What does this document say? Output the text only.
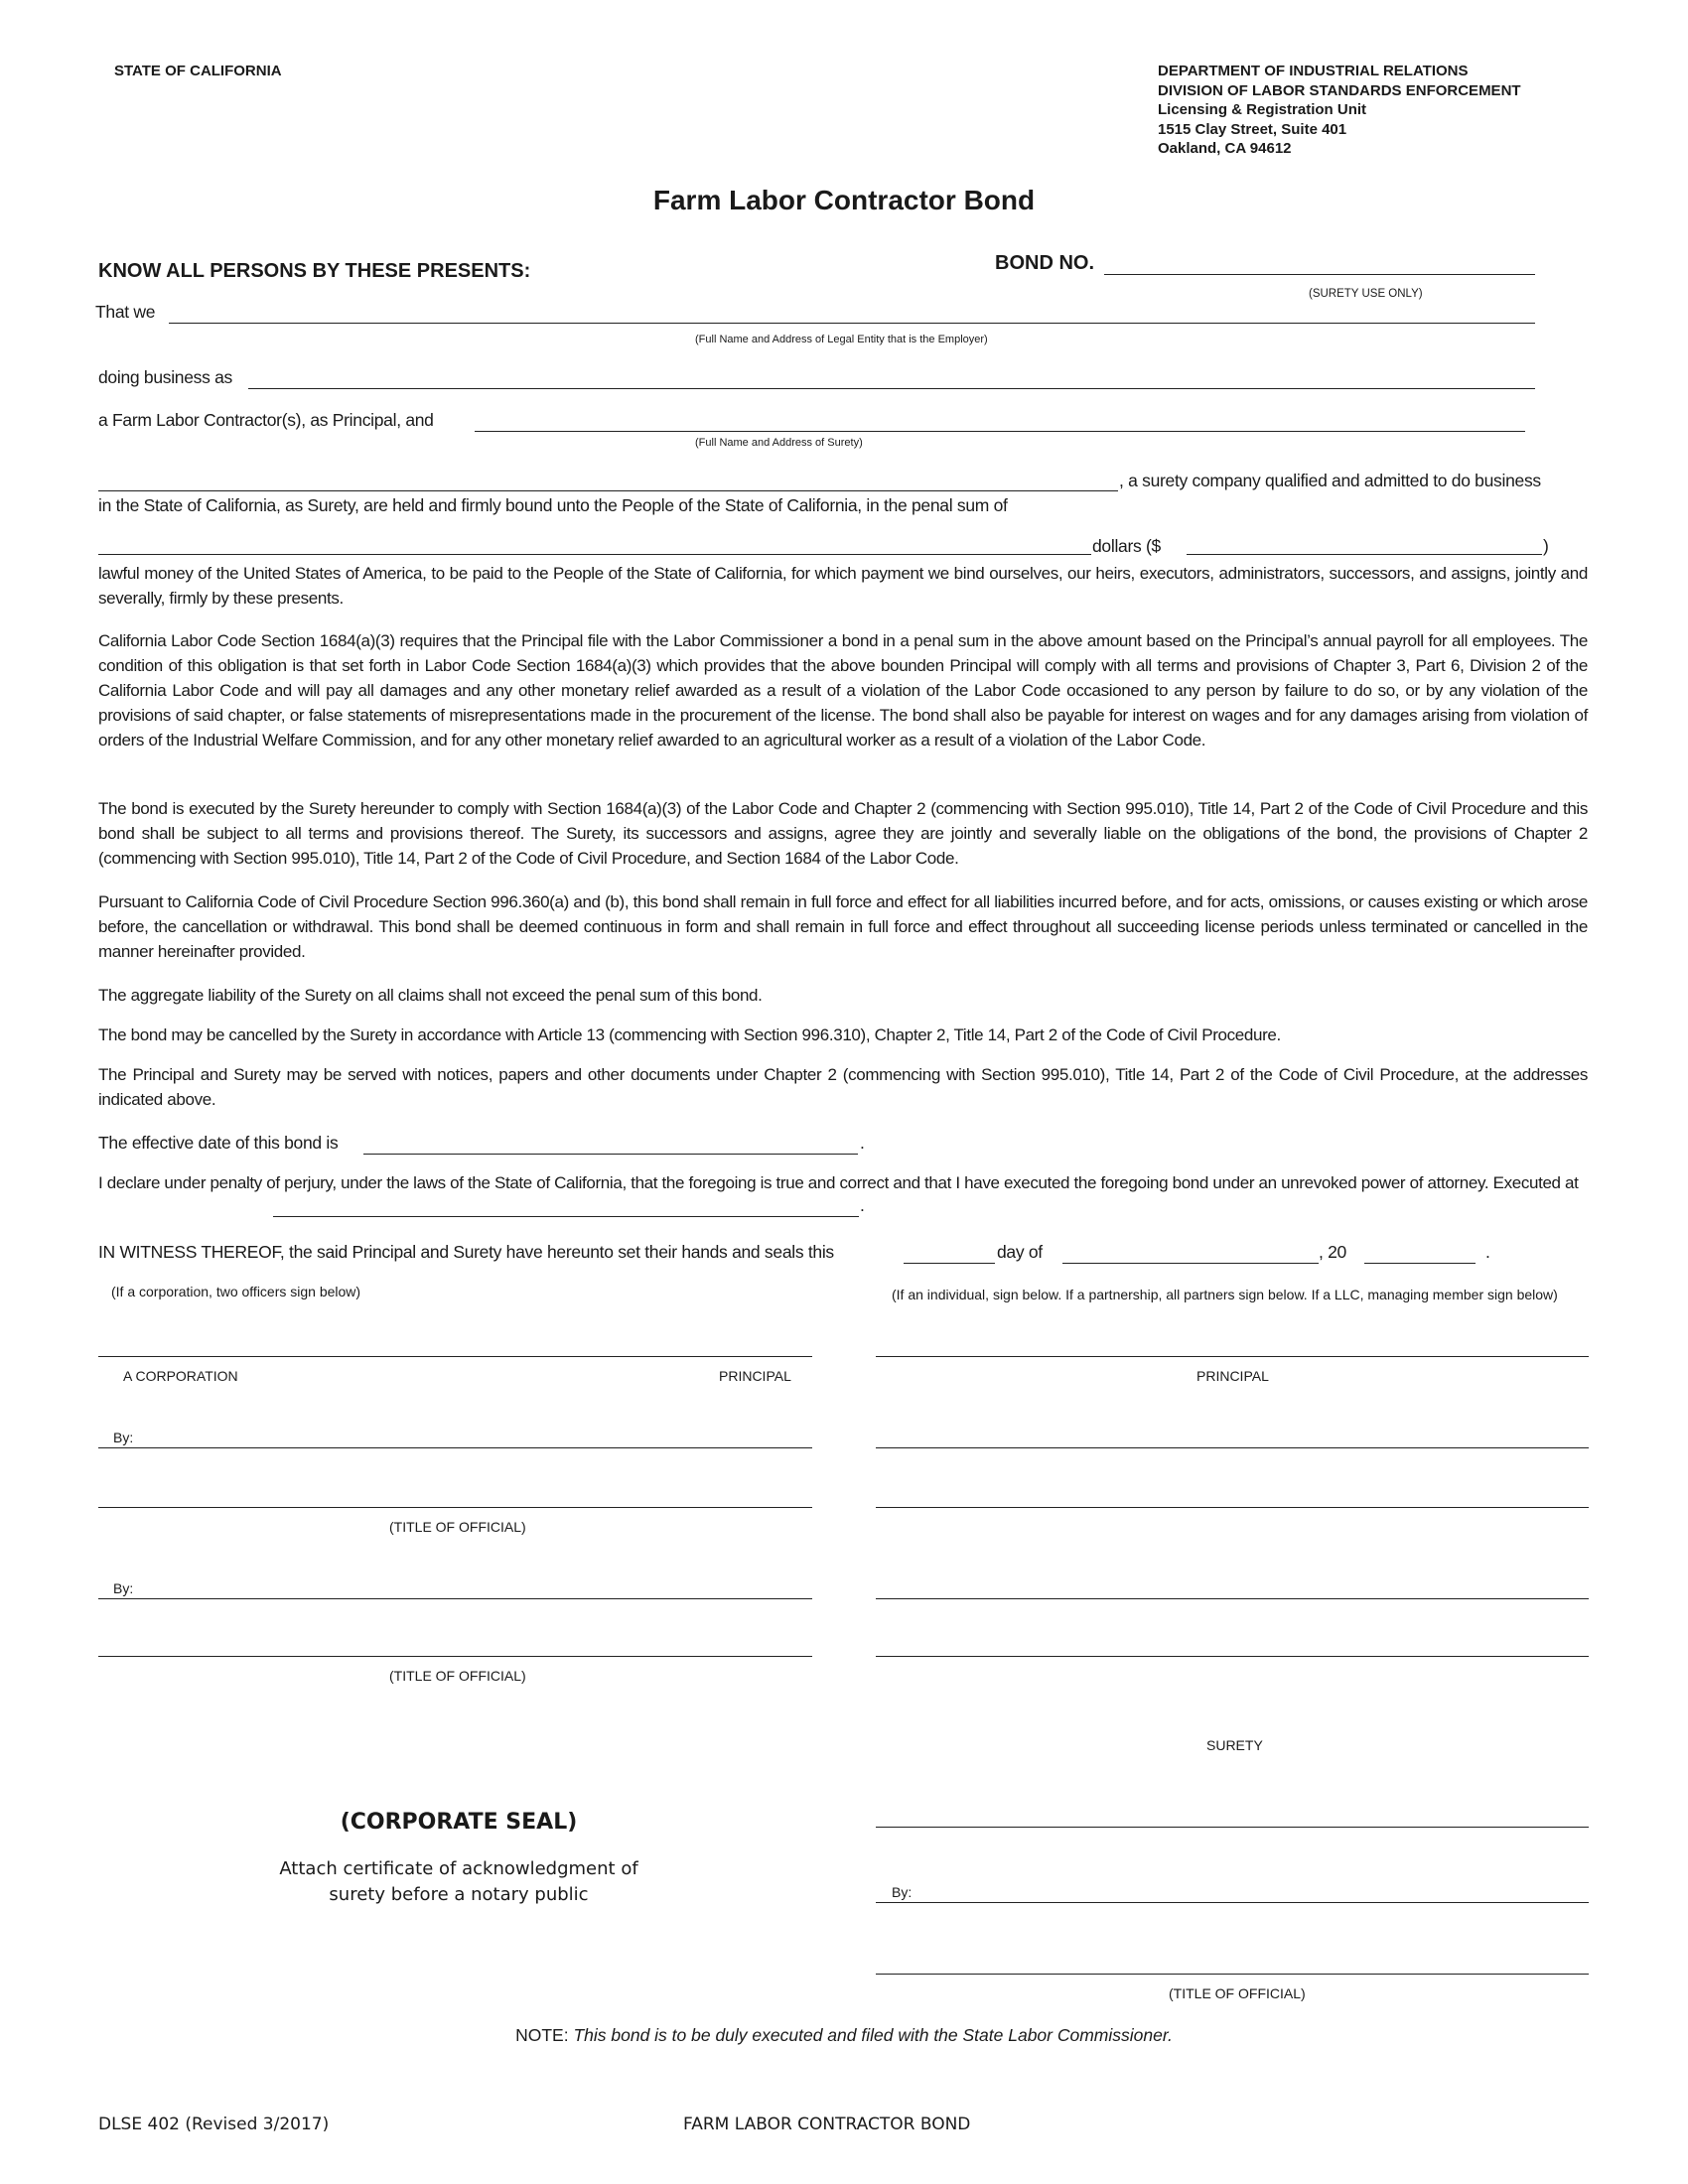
STATE OF CALIFORNIA	DEPARTMENT OF INDUSTRIAL RELATIONS
DIVISION OF LABOR STANDARDS ENFORCEMENT
Licensing & Registration Unit
1515 Clay Street, Suite 401
Oakland, CA 94612
Farm Labor Contractor Bond
KNOW ALL PERSONS BY THESE PRESENTS:	BOND NO.
(SURETY USE ONLY)
That we
(Full Name and Address of Legal Entity that is the Employer)
doing business as
a Farm Labor Contractor(s), as Principal, and
(Full Name and Address of Surety)
, a surety company qualified and admitted to do business
in the State of California, as Surety, are held and firmly bound unto the People of the State of California, in the penal sum of
dollars ($	)
lawful money of the United States of America, to be paid to the People of the State of California, for which payment we bind ourselves, our heirs, executors, administrators, successors, and assigns, jointly and severally, firmly by these presents.
California Labor Code Section 1684(a)(3) requires that the Principal file with the Labor Commissioner a bond in a penal sum in the above amount based on the Principal’s annual payroll for all employees. The condition of this obligation is that set forth in Labor Code Section 1684(a)(3) which provides that the above bounden Principal will comply with all terms and provisions of Chapter 3, Part 6, Division 2 of the California Labor Code and will pay all damages and any other monetary relief awarded as a result of a violation of the Labor Code occasioned to any person by failure to do so, or by any violation of the provisions of said chapter, or false statements of misrepresentations made in the procurement of the license. The bond shall also be payable for interest on wages and for any damages arising from violation of orders of the Industrial Welfare Commission, and for any other monetary relief awarded to an agricultural worker as a result of a violation of the Labor Code.
The bond is executed by the Surety hereunder to comply with Section 1684(a)(3) of the Labor Code and Chapter 2 (commencing with Section 995.010), Title 14, Part 2 of the Code of Civil Procedure and this bond shall be subject to all terms and provisions thereof. The Surety, its successors and assigns, agree they are jointly and severally liable on the obligations of the bond, the provisions of Chapter 2 (commencing with Section 995.010), Title 14, Part 2 of the Code of Civil Procedure, and Section 1684 of the Labor Code.
Pursuant to California Code of Civil Procedure Section 996.360(a) and (b), this bond shall remain in full force and effect for all liabilities incurred before, and for acts, omissions, or causes existing or which arose before, the cancellation or withdrawal. This bond shall be deemed continuous in form and shall remain in full force and effect throughout all succeeding license periods unless terminated or cancelled in the manner hereinafter provided.
The aggregate liability of the Surety on all claims shall not exceed the penal sum of this bond.
The bond may be cancelled by the Surety in accordance with Article 13 (commencing with Section 996.310), Chapter 2, Title 14, Part 2 of the Code of Civil Procedure.
The Principal and Surety may be served with notices, papers and other documents under Chapter 2 (commencing with Section 995.010), Title 14, Part 2 of the Code of Civil Procedure, at the addresses indicated above.
The effective date of this bond is	.
I declare under penalty of perjury, under the laws of the State of California, that the foregoing is true and correct and that I have executed the foregoing bond under an unrevoked power of attorney. Executed at
.
IN WITNESS THEREOF, the said Principal and Surety have hereunto set their hands and seals this	day of	, 20	.
(If a corporation, two officers sign below)	(If an individual, sign below. If a partnership, all partners sign below. If a LLC, managing member sign below)
A CORPORATION	PRINCIPAL
By:
(TITLE OF OFFICIAL)
By:
(TITLE OF OFFICIAL)
PRINCIPAL
SURETY
By:
(TITLE OF OFFICIAL)
(CORPORATE SEAL)
Attach certificate of acknowledgment of
surety before a notary public
NOTE: This bond is to be duly executed and filed with the State Labor Commissioner.
DLSE 402 (Revised 3/2017)	FARM LABOR CONTRACTOR BOND
